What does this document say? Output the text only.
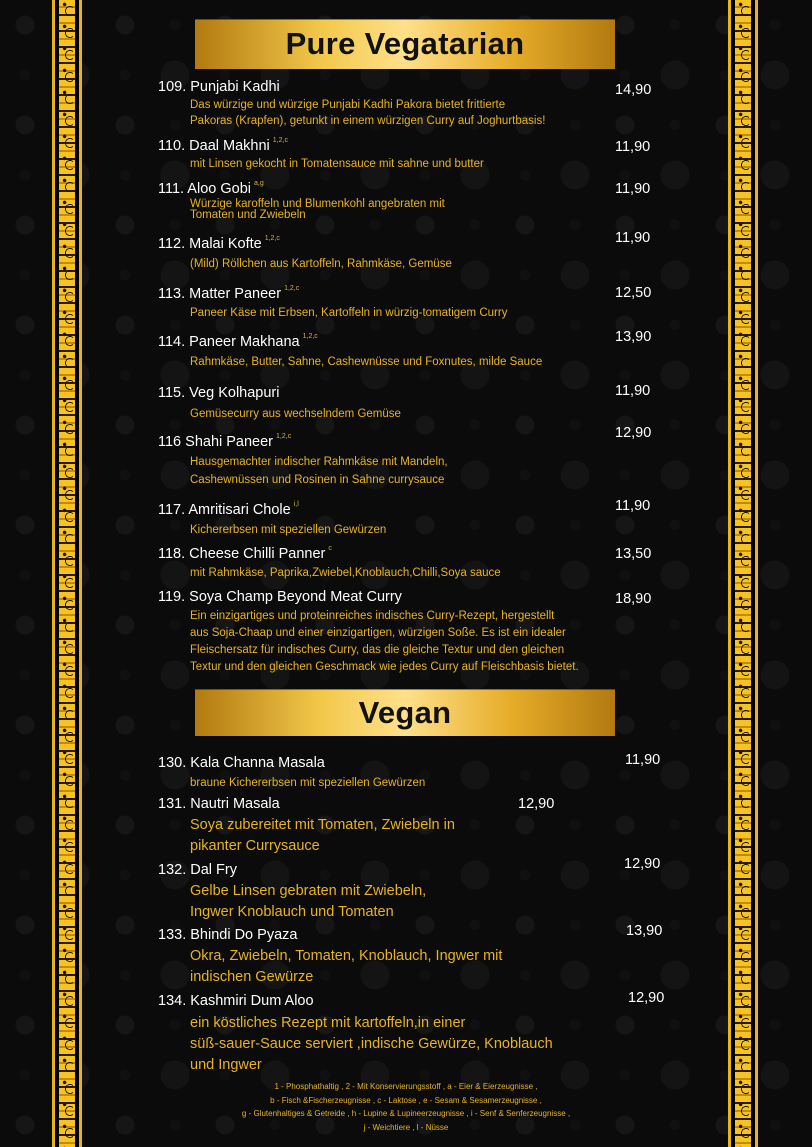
Pure Vegatarian
109. Punjabi Kadhi	14,90
Das würzige und würzige Punjabi Kadhi Pakora bietet frittierte
Pakoras (Krapfen), getunkt in einem würzigen Curry auf Joghurtbasis!
110. Daal Makhni $^{1,2,c}$	11,90
mit Linsen gekocht in Tomatensauce mit sahne und butter
111. Aloo Gobi $^{a,g}$	11,90
Würzige karoffeln und Blumenkohl angebraten mit
Tomaten und Zwiebeln
112. Malai Kofte $^{1,2,c}$	11,90
(Mild) Röllchen aus Kartoffeln, Rahmkäse, Gemüse
113. Matter Paneer $^{1,2,c}$	12,50
Paneer Käse mit Erbsen, Kartoffeln in würzig-tomatigem Curry
114. Paneer Makhana $^{1,2,c}$	13,90
Rahmkäse, Butter, Sahne, Cashewnüsse und Foxnutes, milde Sauce
115. Veg Kolhapuri	11,90
Gemüsecurry aus wechselndem Gemüse
116 Shahi Paneer $^{1,2,c}$	12,90
Hausgemachter indischer Rahmkäse mit Mandeln,
Cashewnüssen und Rosinen in Sahne currysauce
117. Amritisari Chole $^{i,l}$	11,90
Kichererbsen mit speziellen Gewürzen
118. Cheese Chilli Panner $^c$	13,50
mit Rahmkäse, Paprika,Zwiebel,Knoblauch,Chilli,Soya sauce
119. Soya Champ Beyond Meat Curry	18,90
Ein einzigartiges und proteinreiches indisches Curry-Rezept, hergestellt
aus Soja-Chaap und einer einzigartigen, würzigen Soße. Es ist ein idealer
Fleischersatz für indisches Curry, das die gleiche Textur und den gleichen
Textur und den gleichen Geschmack wie jedes Curry auf Fleischbasis bietet.
Vegan
130. Kala Channa Masala	11,90
braune Kichererbsen mit speziellen Gewürzen
131. Nautri Masala	12,90
Soya zubereitet mit Tomaten, Zwiebeln in
pikanter Currysauce
132. Dal Fry	12,90
Gelbe Linsen gebraten mit Zwiebeln,
Ingwer Knoblauch und Tomaten
133. Bhindi Do Pyaza	13,90
Okra, Zwiebeln, Tomaten, Knoblauch, Ingwer mit
indischen Gewürze
134. Kashmiri Dum Aloo	12,90
ein köstliches Rezept mit kartoffeln,in einer
süß-sauer-Sauce serviert ,indische Gewürze, Knoblauch
und Ingwer
1 - Phosphathaltig , 2 - Mit Konservierungsstoff , a - Eier & Eierzeugnisse ,
b - Fisch &Fischerzeugnisse , c - Laktose , e - Sesam & Sesamerzeugnisse ,
g - Glutenhaltiges & Getreide , h - Lupine & Lupineerzeugnisse , i - Senf & Senferzeugnisse ,
j - Weichtiere , l - Nüsse
